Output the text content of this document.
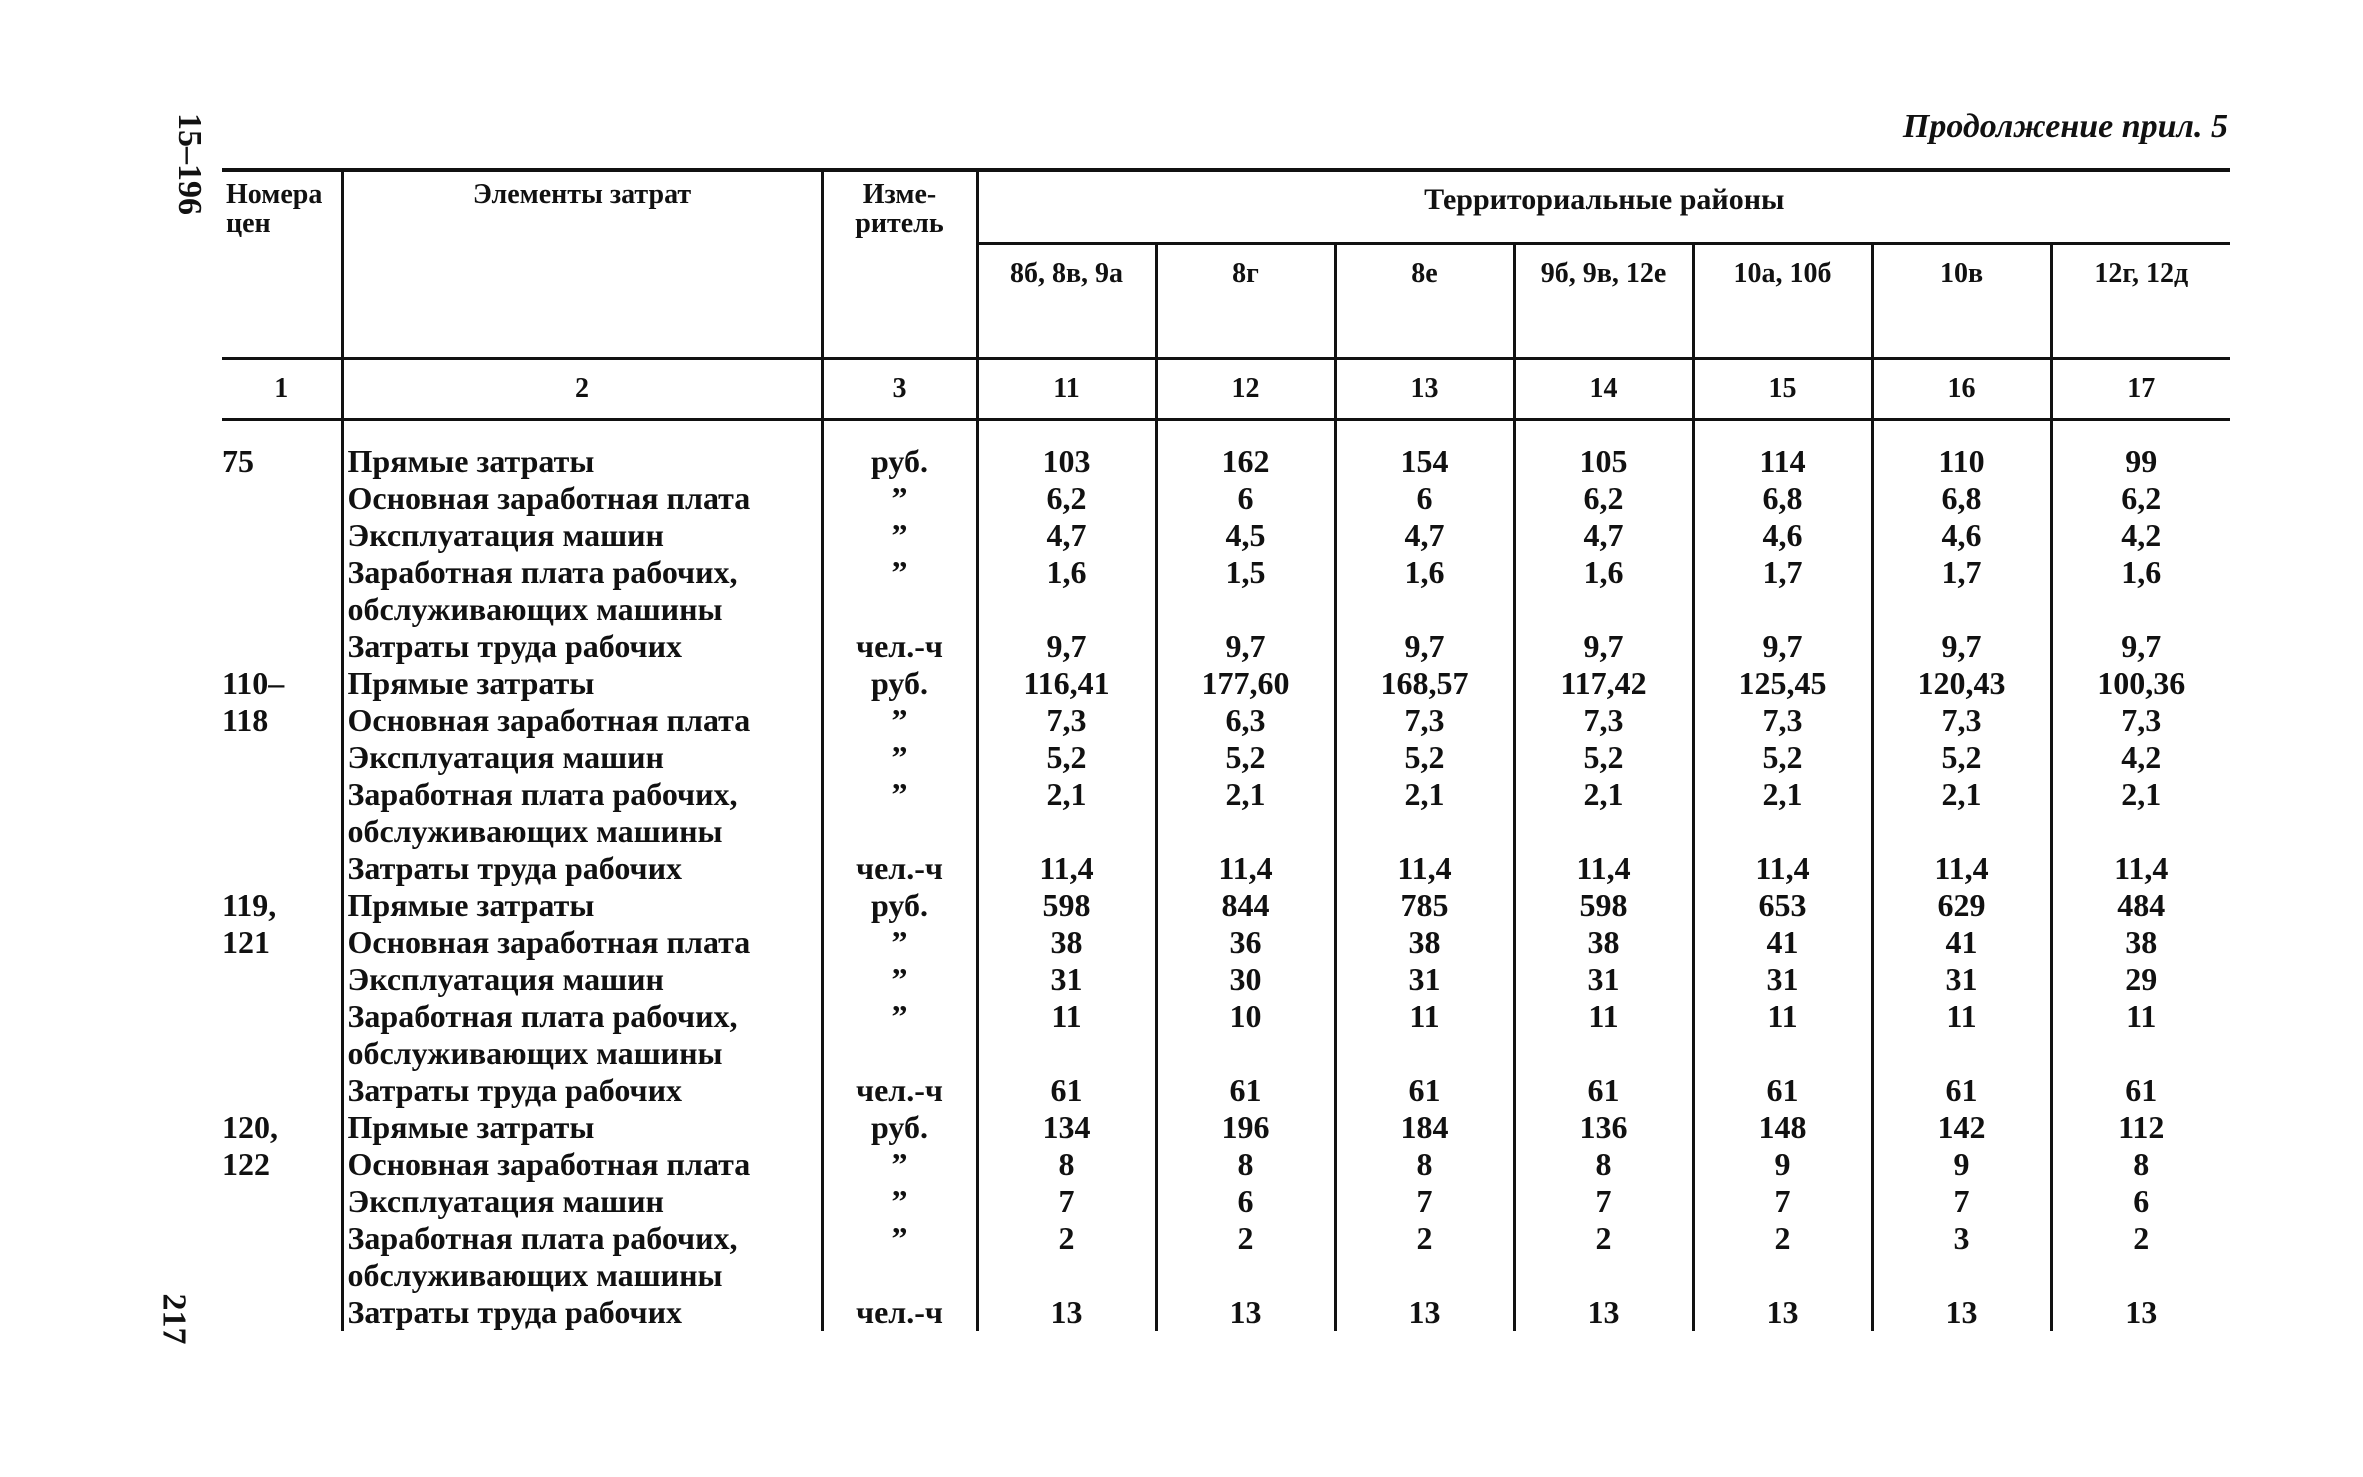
Продолжение прил. 5
15–196
217
Номера цен	Элементы затрат	Изме-ритель	Территориальные районы						
			8б, 8в, 9а	8г	8е	9б, 9в, 12е	10а, 10б	10в	12г, 12д
1	2	3	11	12	13	14	15	16	17
75	Прямые затраты	руб.	103	162	154	105	114	110	99
	Основная заработная плата	”	6,2	6	6	6,2	6,8	6,8	6,2
	Эксплуатация машин	”	4,7	4,5	4,7	4,7	4,6	4,6	4,2
	Заработная плата рабочих, обслуживающих машины	”	1,6	1,5	1,6	1,6	1,7	1,7	1,6
	Затраты труда рабочих	чел.-ч	9,7	9,7	9,7	9,7	9,7	9,7	9,7
110–	Прямые затраты	руб.	116,41	177,60	168,57	117,42	125,45	120,43	100,36
118	Основная заработная плата	”	7,3	6,3	7,3	7,3	7,3	7,3	7,3
	Эксплуатация машин	”	5,2	5,2	5,2	5,2	5,2	5,2	4,2
	Заработная плата рабочих, обслуживающих машины	”	2,1	2,1	2,1	2,1	2,1	2,1	2,1
	Затраты труда рабочих	чел.-ч	11,4	11,4	11,4	11,4	11,4	11,4	11,4
119,	Прямые затраты	руб.	598	844	785	598	653	629	484
121	Основная заработная плата	”	38	36	38	38	41	41	38
	Эксплуатация машин	”	31	30	31	31	31	31	29
	Заработная плата рабочих, обслуживающих машины	”	11	10	11	11	11	11	11
	Затраты труда рабочих	чел.-ч	61	61	61	61	61	61	61
120,	Прямые затраты	руб.	134	196	184	136	148	142	112
122	Основная заработная плата	”	8	8	8	8	9	9	8
	Эксплуатация машин	”	7	6	7	7	7	7	6
	Заработная плата рабочих, обслуживающих машины	”	2	2	2	2	2	3	2
	Затраты труда рабочих	чел.-ч	13	13	13	13	13	13	13
